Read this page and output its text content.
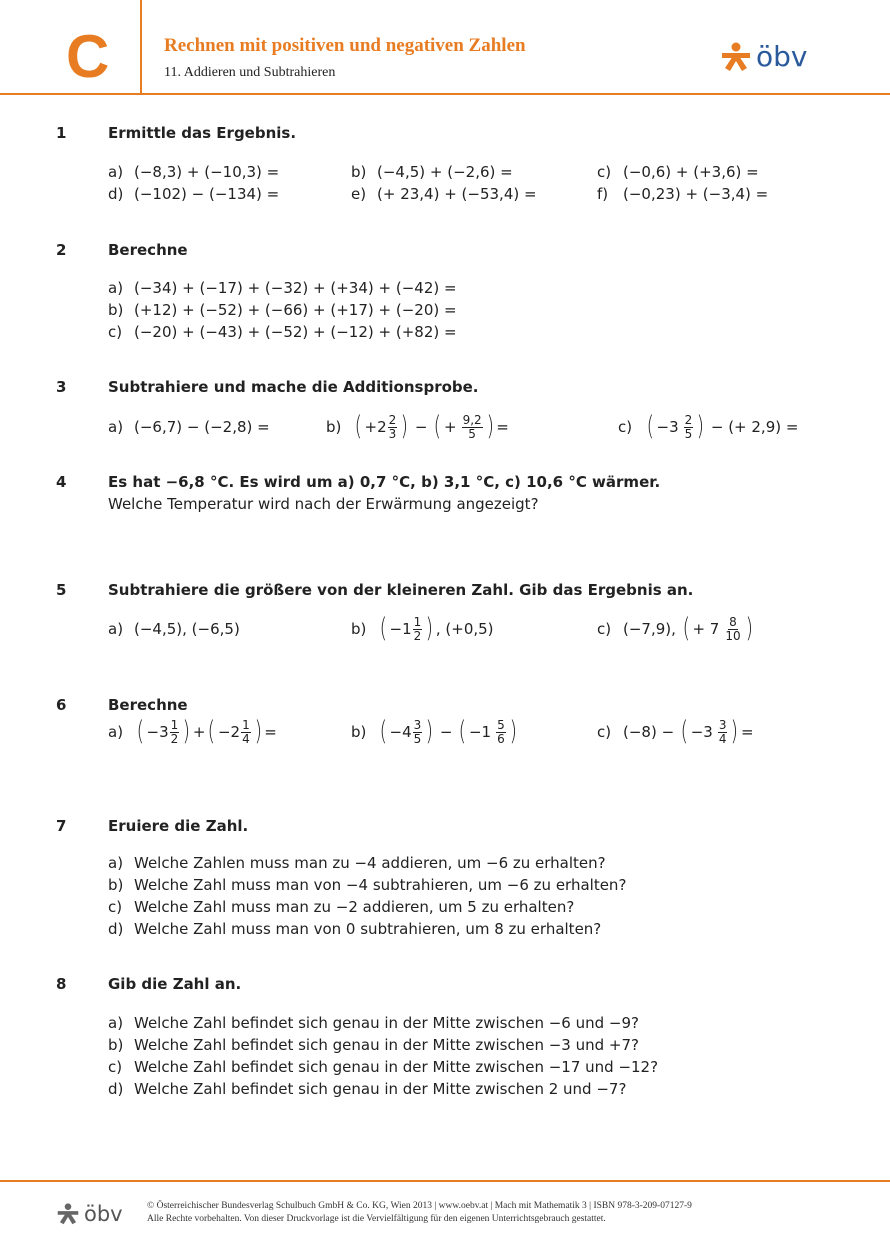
C	Rechnen mit positiven und negativen Zahlen
11. Addieren und Subtrahieren	öbv
1	Ermittle das Ergebnis.
a) (−8,3) + (−10,3) =	b) (−4,5) + (−2,6) =	c) (−0,6) + (+3,6) =
d) (−102) − (−134) =	e) (+ 23,4) + (−53,4) =	f) (−0,23) + (−3,4) =
2	Berechne
a) (−34) + (−17) + (−32) + (+34) + (−42) =
b) (+12) + (−52) + (−66) + (+17) + (−20) =
c) (−20) + (−43) + (−52) + (−12) + (+82) =
3	Subtrahiere und mache die Additionsprobe.
a) (−6,7) − (−2,8) =	b) ( $+2 \frac{2}{3}$ ) − ( + $\frac{9,2}{5}$ ) =	c) ( $-3 \frac{2}{5}$ ) − (+ 2,9) =
4	Es hat −6,8 °C. Es wird um a) 0,7 °C, b) 3,1 °C, c) 10,6 °C wärmer.
Welche Temperatur wird nach der Erwärmung angezeigt?
5	Subtrahiere die größere von der kleineren Zahl. Gib das Ergebnis an.
a) (−4,5), (−6,5)	b) ( $-1 \frac{1}{2}$ ) , (+0,5)	c) (−7,9), ( + $7 \frac{8}{10}$ )
6	Berechne
a) ( $-3 \frac{1}{2}$ ) + ( $-2 \frac{1}{4}$ ) =	b) ( $-4 \frac{3}{5}$ ) − ( $-1 \frac{5}{6}$ )	c) (−8) − ( $-3 \frac{3}{4}$ ) =
7	Eruiere die Zahl.
a) Welche Zahlen muss man zu −4 addieren, um −6 zu erhalten?
b) Welche Zahl muss man von −4 subtrahieren, um −6 zu erhalten?
c) Welche Zahl muss man zu −2 addieren, um 5 zu erhalten?
d) Welche Zahl muss man von 0 subtrahieren, um 8 zu erhalten?
8	Gib die Zahl an.
a) Welche Zahl befindet sich genau in der Mitte zwischen −6 und −9?
b) Welche Zahl befindet sich genau in der Mitte zwischen −3 und +7?
c) Welche Zahl befindet sich genau in der Mitte zwischen −17 und −12?
d) Welche Zahl befindet sich genau in der Mitte zwischen 2 und −7?
öbv	© Österreichischer Bundesverlag Schulbuch GmbH & Co. KG, Wien 2013 | www.oebv.at | Mach mit Mathematik 3 | ISBN 978-3-209-07127-9
Alle Rechte vorbehalten. Von dieser Druckvorlage ist die Vervielfältigung für den eigenen Unterrichtsgebrauch gestattet.
